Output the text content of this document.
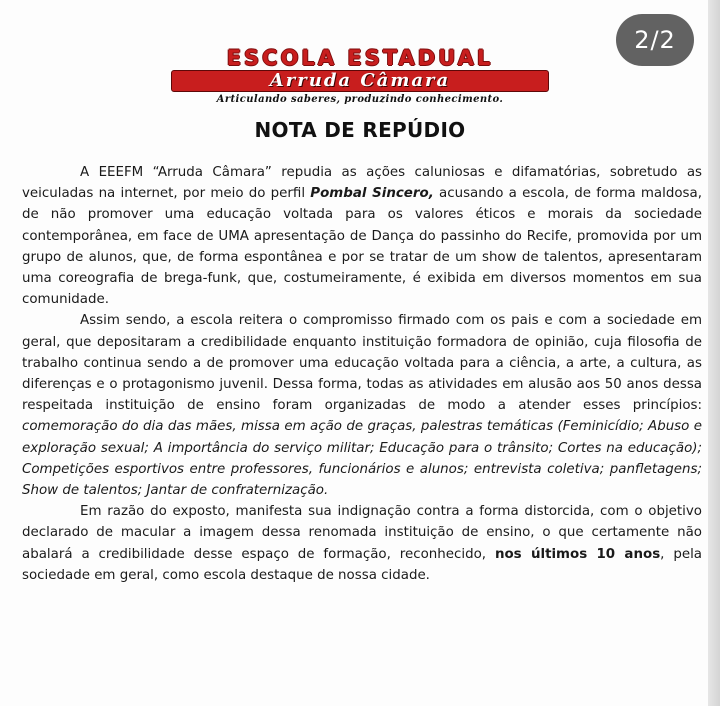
ESCOLA ESTADUAL
Arruda Câmara
Articulando saberes, produzindo conhecimento.
NOTA DE REPÚDIO

A EEEFM “Arruda Câmara” repudia as ações caluniosas e difamatórias, sobretudo as veiculadas na internet, por meio do perfil Pombal Sincero, acusando a escola, de forma maldosa, de não promover uma educação voltada para os valores éticos e morais da sociedade contemporânea, em face de UMA apresentação de Dança do passinho do Recife, promovida por um grupo de alunos, que, de forma espontânea e por se tratar de um show de talentos, apresentaram uma coreografia de brega-funk, que, costumeiramente, é exibida em diversos momentos em sua comunidade.

Assim sendo, a escola reitera o compromisso firmado com os pais e com a sociedade em geral, que depositaram a credibilidade enquanto instituição formadora de opinião, cuja filosofia de trabalho continua sendo a de promover uma educação voltada para a ciência, a arte, a cultura, as diferenças e o protagonismo juvenil. Dessa forma, todas as atividades em alusão aos 50 anos dessa respeitada instituição de ensino foram organizadas de modo a atender esses princípios: comemoração do dia das mães, missa em ação de graças, palestras temáticas (Feminicídio; Abuso e exploração sexual; A importância do serviço militar; Educação para o trânsito; Cortes na educação); Competições esportivos entre professores, funcionários e alunos; entrevista coletiva; panfletagens; Show de talentos; Jantar de confraternização.

Em razão do exposto, manifesta sua indignação contra a forma distorcida, com o objetivo declarado de macular a imagem dessa renomada instituição de ensino, o que certamente não abalará a credibilidade desse espaço de formação, reconhecido, nos últimos 10 anos, pela sociedade em geral, como escola destaque de nossa cidade.

2/2
